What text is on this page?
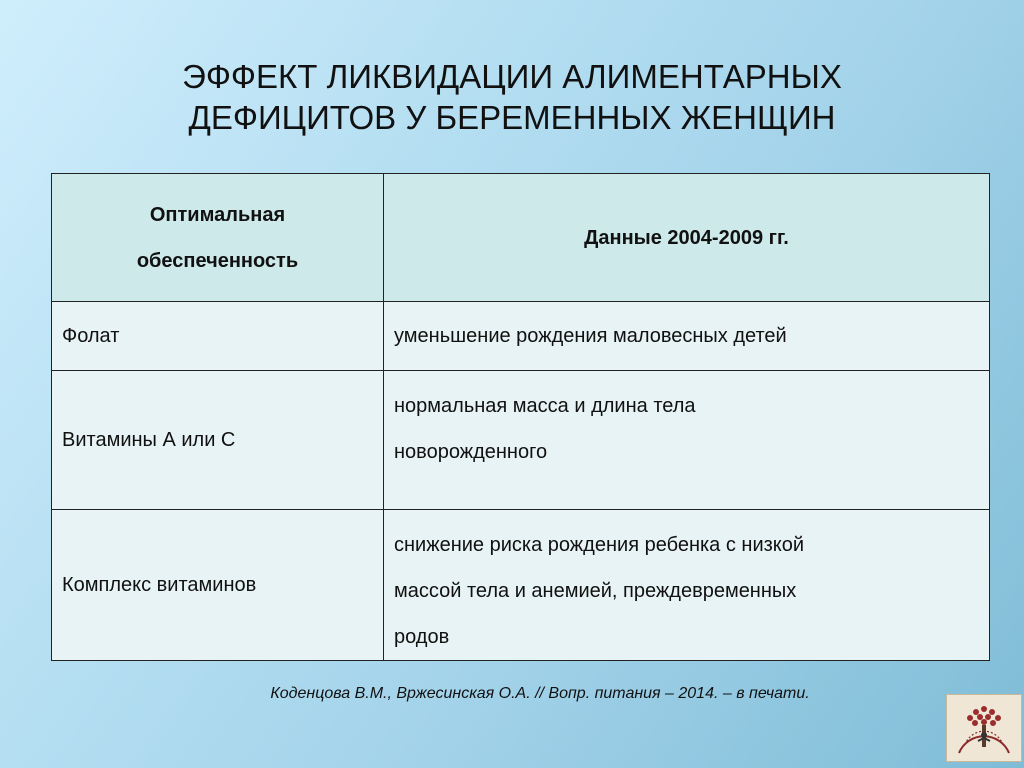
ЭФФЕКТ ЛИКВИДАЦИИ АЛИМЕНТАРНЫХ
ДЕФИЦИТОВ У БЕРЕМЕННЫХ ЖЕНЩИН
Оптимальная
обеспеченность	Данные 2004-2009 гг.
Фолат	уменьшение рождения маловесных детей
Витамины А или С	нормальная масса и длина тела
новорожденного

Комплекс витаминов	снижение риска рождения ребенка с низкой
массой тела и анемией, преждевременных
родов
Коденцова В.М., Вржесинская О.А. // Вопр. питания – 2014. – в печати.
